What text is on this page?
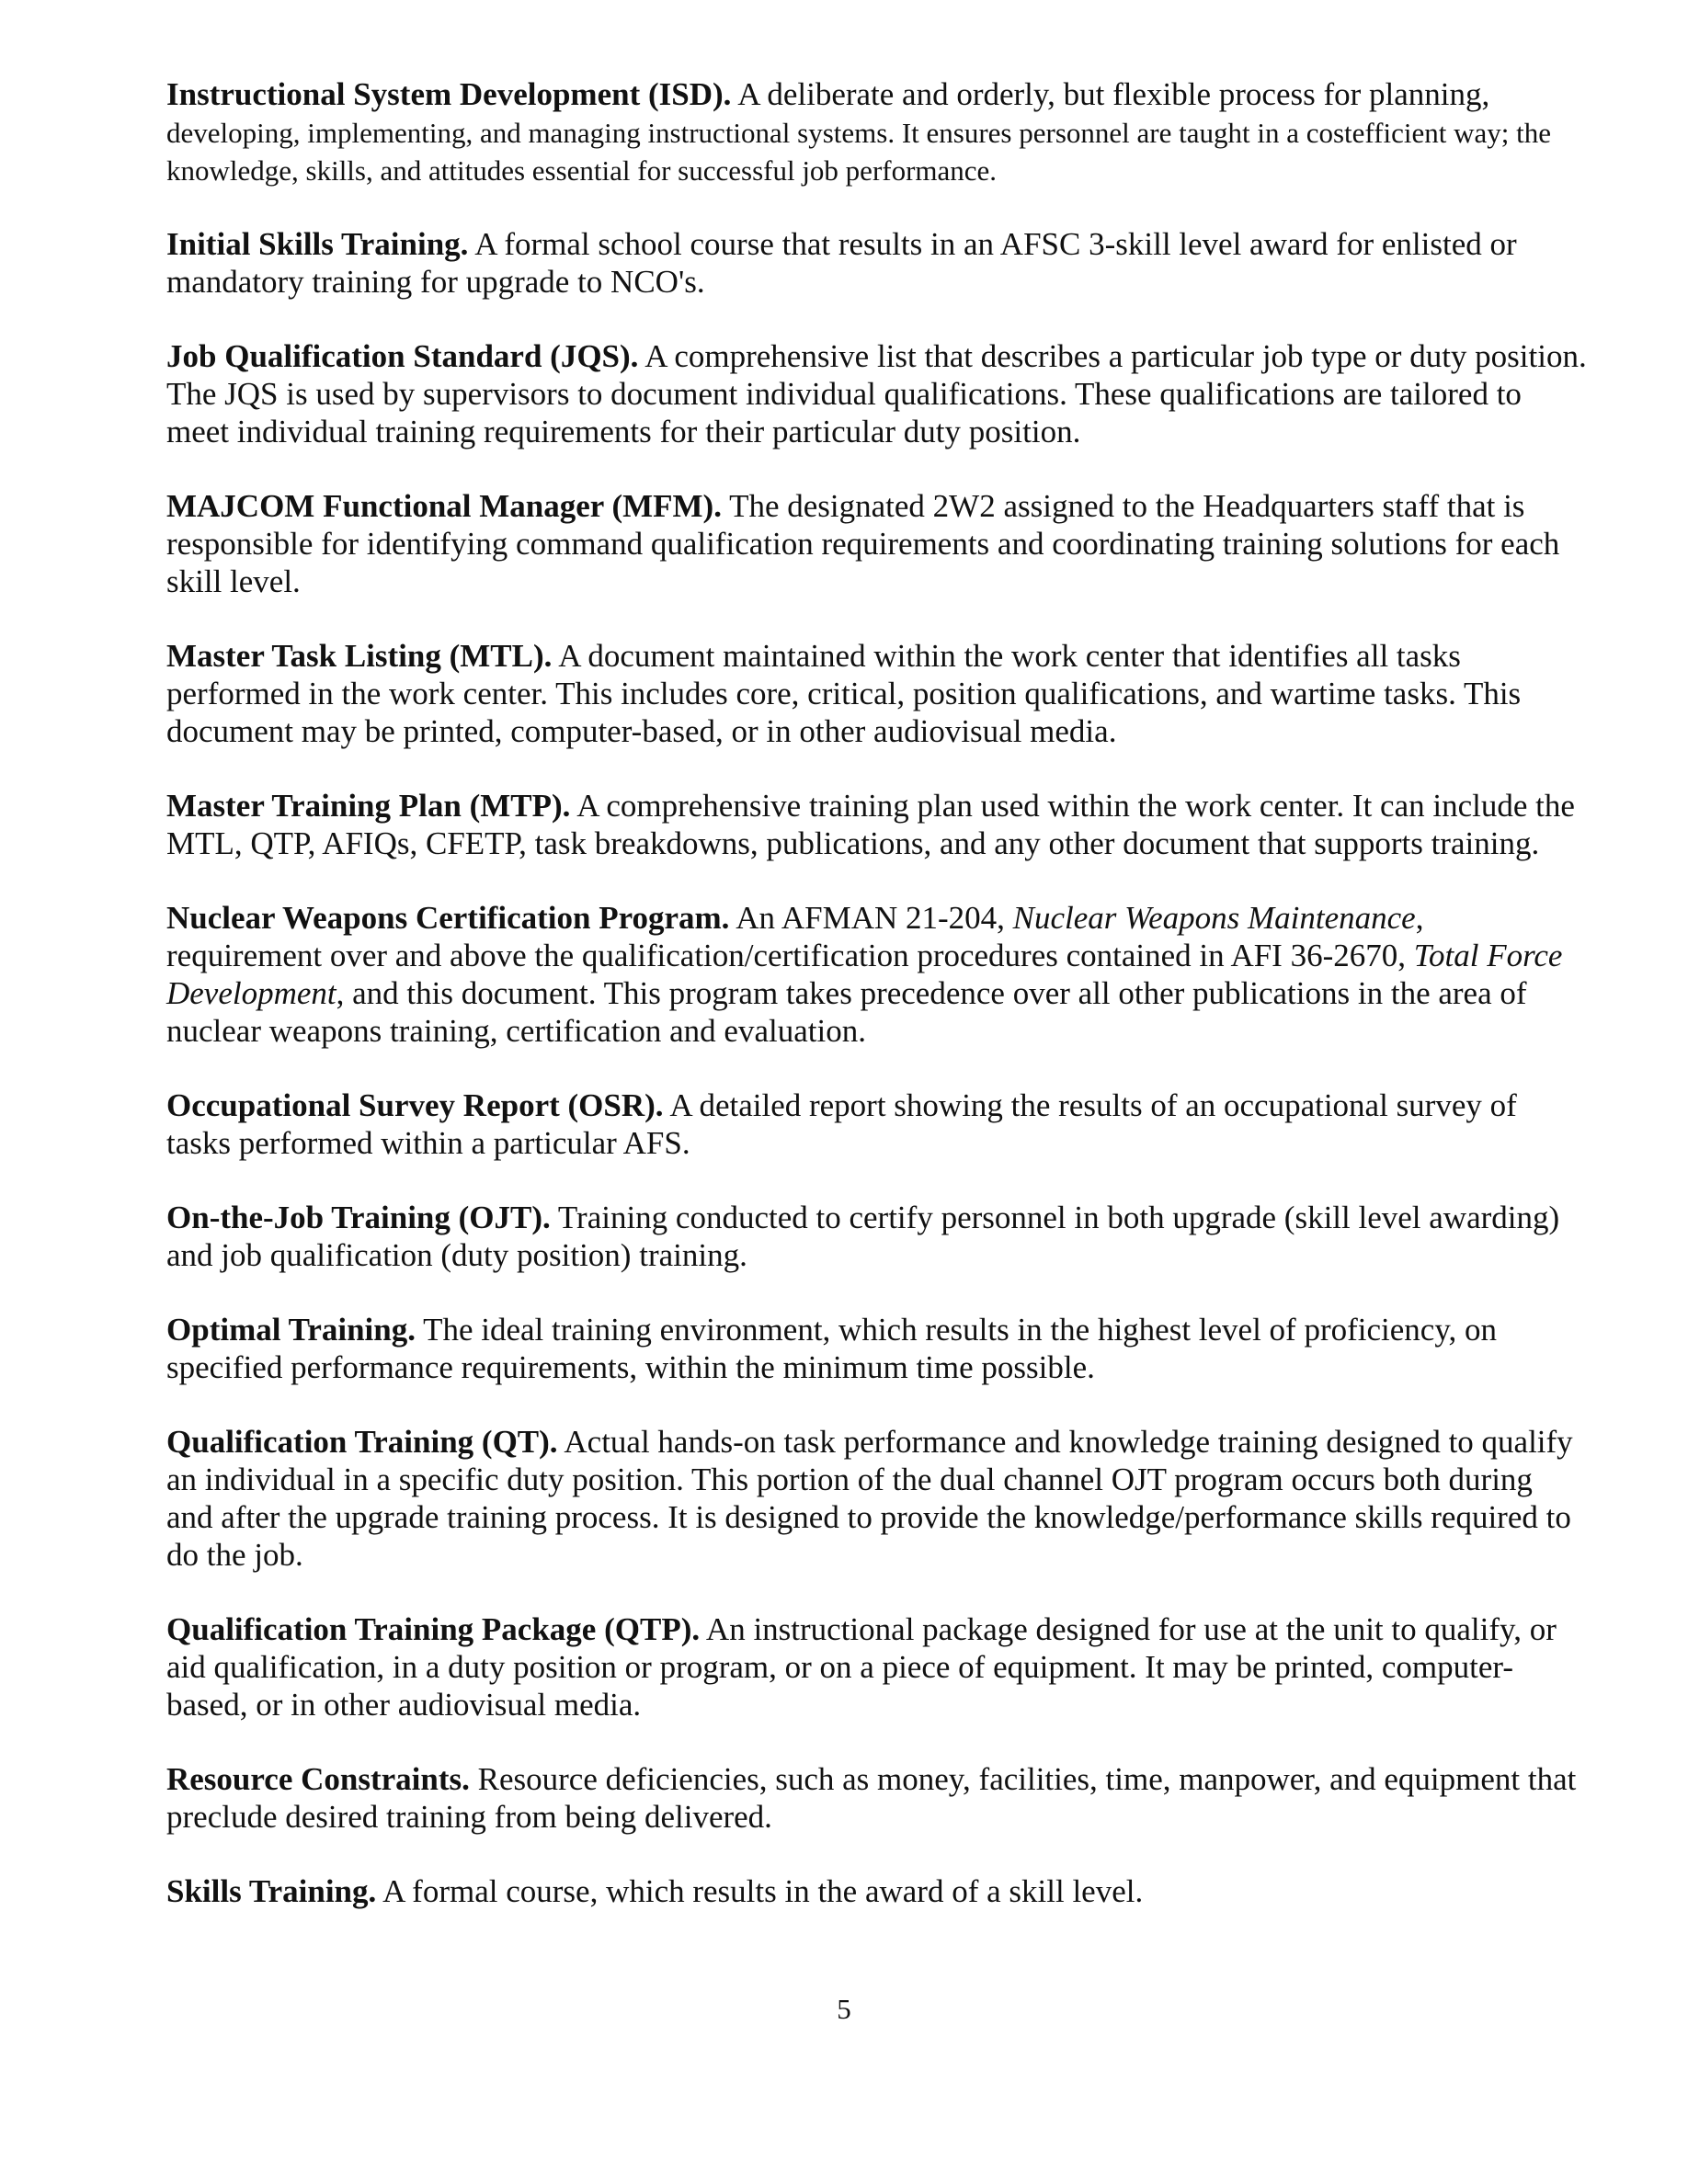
Instructional System Development (ISD). A deliberate and orderly, but flexible process for planning, developing, implementing, and managing instructional systems. It ensures personnel are taught in a costefficient way; the knowledge, skills, and attitudes essential for successful job performance.

Initial Skills Training. A formal school course that results in an AFSC 3-skill level award for enlisted or mandatory training for upgrade to NCO's.

Job Qualification Standard (JQS). A comprehensive list that describes a particular job type or duty position. The JQS is used by supervisors to document individual qualifications. These qualifications are tailored to meet individual training requirements for their particular duty position.

MAJCOM Functional Manager (MFM). The designated 2W2 assigned to the Headquarters staff that is responsible for identifying command qualification requirements and coordinating training solutions for each skill level.

Master Task Listing (MTL). A document maintained within the work center that identifies all tasks performed in the work center. This includes core, critical, position qualifications, and wartime tasks. This document may be printed, computer-based, or in other audiovisual media.

Master Training Plan (MTP). A comprehensive training plan used within the work center. It can include the MTL, QTP, AFIQs, CFETP, task breakdowns, publications, and any other document that supports training.

Nuclear Weapons Certification Program. An AFMAN 21-204, Nuclear Weapons Maintenance, requirement over and above the qualification/certification procedures contained in AFI 36-2670, Total Force Development, and this document. This program takes precedence over all other publications in the area of nuclear weapons training, certification and evaluation.

Occupational Survey Report (OSR). A detailed report showing the results of an occupational survey of tasks performed within a particular AFS.

On-the-Job Training (OJT). Training conducted to certify personnel in both upgrade (skill level awarding) and job qualification (duty position) training.

Optimal Training. The ideal training environment, which results in the highest level of proficiency, on specified performance requirements, within the minimum time possible.

Qualification Training (QT). Actual hands-on task performance and knowledge training designed to qualify an individual in a specific duty position. This portion of the dual channel OJT program occurs both during and after the upgrade training process. It is designed to provide the knowledge/performance skills required to do the job.

Qualification Training Package (QTP). An instructional package designed for use at the unit to qualify, or aid qualification, in a duty position or program, or on a piece of equipment. It may be printed, computer-based, or in other audiovisual media.

Resource Constraints. Resource deficiencies, such as money, facilities, time, manpower, and equipment that preclude desired training from being delivered.

Skills Training. A formal course, which results in the award of a skill level.

5
